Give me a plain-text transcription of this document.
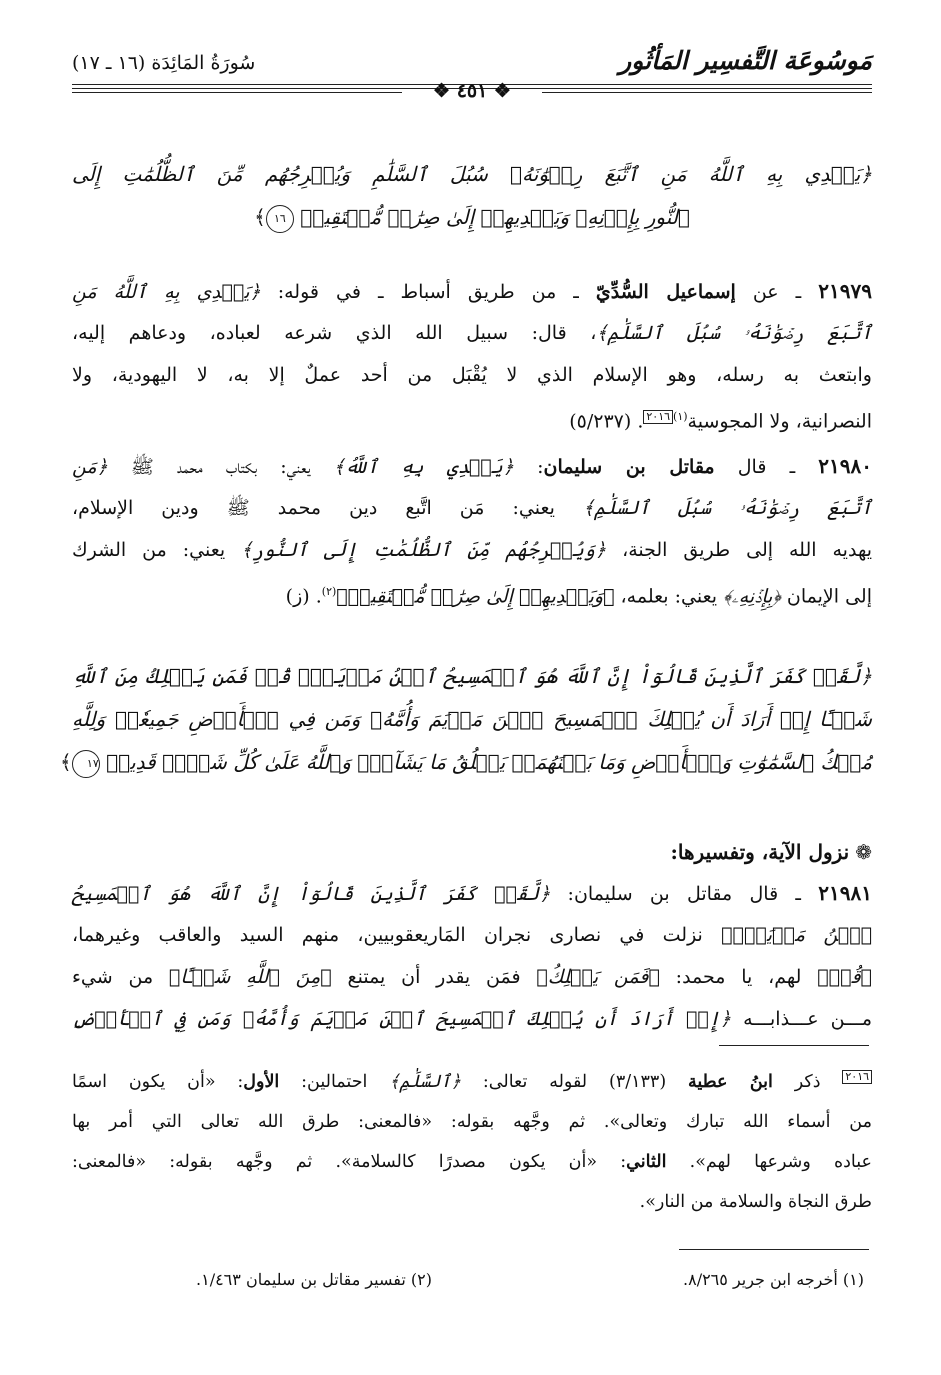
مَوسُوعَة التَّفسِير المَأثُور
سُورَةُ المَائِدَة (١٦ ـ ١٧)
❖ ٤٥١ ❖
﴿يَهۡدِي بِهِ ٱللَّهُ مَنِ ٱتَّبَعَ رِضۡوَٰنَهُۥ سُبُلَ ٱلسَّلَٰمِ وَيُخۡرِجُهُم مِّنَ ٱلظُّلُمَٰتِ إِلَى
ٱلنُّورِ بِإِذۡنِهِۦ وَيَهۡدِيهِمۡ إِلَىٰ صِرَٰطٖ مُّسۡتَقِيمٖ ١٦﴾
٢١٩٧٩ ـ عن إسماعيل السُّدِّيّ ـ من طريق أسباط ـ في قوله: ﴿يَهۡدِي بِهِ ٱللَّهُ مَنِ
ٱتَّبَعَ رِضۡوَٰنَهُۥ سُبُلَ ٱلسَّلَٰمِ﴾، قال: سبيل الله الذي شرعه لعباده، ودعاهم إليه،
وابتعث به رسله، وهو الإسلام الذي لا يُقْبَل من أحد عملٌ إلا به، لا اليهودية، ولا
النصرانية، ولا المجوسية$^{(١)}$٢٠١٦. (٥/٢٣٧)
٢١٩٨٠ ـ قال مقاتل بن سليمان: ﴿يَهۡدِي بِهِ ٱللَّهُ﴾ يعني: بكتاب محمد ﷺ ﴿مَنِ
ٱتَّبَعَ رِضۡوَٰنَهُۥ سُبُلَ ٱلسَّلَٰمِ﴾ يعني: مَن اتَّبع دين محمد ﷺ ودين الإسلام،
يهديه الله إلى طريق الجنة، ﴿وَيُخۡرِجُهُم مِّنَ ٱلظُّلُمَٰتِ إِلَى ٱلنُّورِ﴾ يعني: من الشرك
إلى الإيمان ﴿بِإِذۡنِهِۦ﴾ يعني: بعلمه، ﴿وَيَهۡدِيهِمۡ إِلَىٰ صِرَٰطٖ مُّسۡتَقِيمٖ﴾$^{(٢)}$. (ز)
﴿لَّقَدۡ كَفَرَ ٱلَّذِينَ قَالُوٓاْ إِنَّ ٱللَّهَ هُوَ ٱلۡمَسِيحُ ٱبۡنُ مَرۡيَمَۚ قُلۡ فَمَن يَمۡلِكُ مِنَ ٱللَّهِ
شَيۡـًٔا إِنۡ أَرَادَ أَن يُهۡلِكَ ٱلۡمَسِيحَ ٱبۡنَ مَرۡيَمَ وَأُمَّهُۥ وَمَن فِي ٱلۡأَرۡضِ جَمِيعٗاۗ وَلِلَّهِ
مُلۡكُ ٱلسَّمَٰوَٰتِ وَٱلۡأَرۡضِ وَمَا بَيۡنَهُمَاۚ يَخۡلُقُ مَا يَشَآءُۚ وَٱللَّهُ عَلَىٰ كُلِّ شَيۡءٖ قَدِيرٞ ١٧﴾
❁نزول الآية، وتفسيرها:
٢١٩٨١ ـ قال مقاتل بن سليمان: ﴿لَّقَدۡ كَفَرَ ٱلَّذِينَ قَالُوٓاْ إِنَّ ٱللَّهَ هُوَ ٱلۡمَسِيحُ
ٱبۡنُ مَرۡيَمَۚ﴾ نزلت في نصارى نجران المَاريعقوبيين، منهم السيد والعاقب وغيرهما،
﴿قُلۡ﴾ لهم، يا محمد: ﴿فَمَن يَمۡلِكُ﴾ فمَن يقدر أن يمتنع ﴿مِنَ ٱللَّهِ شَيۡـًٔا﴾ من شيء
مـــن عـــذابـــه ﴿إِنۡ أَرَادَ أَن يُهۡلِكَ ٱلۡمَسِيحَ ٱبۡنَ مَرۡيَمَ وَأُمَّهُۥ وَمَن فِي ٱلۡأَرۡضِ
٢٠١٦ ذكر ابنُ عطية (٣/١٣٣) لقوله تعالى: ﴿ٱلسَّلَٰمِ﴾ احتمالين: الأول: «أن يكون اسمًا
من أسماء الله تبارك وتعالى». ثم وجَّهه بقوله: «فالمعنى: طرق الله تعالى التي أمر بها
عباده وشرعها لهم». الثاني: «أن يكون مصدرًا كالسلامة». ثم وجَّهه بقوله: «فالمعنى:
طرق النجاة والسلامة من النار».
(١) أخرجه ابن جرير ٨/٢٦٥.
(٢) تفسير مقاتل بن سليمان ١/٤٦٣.
